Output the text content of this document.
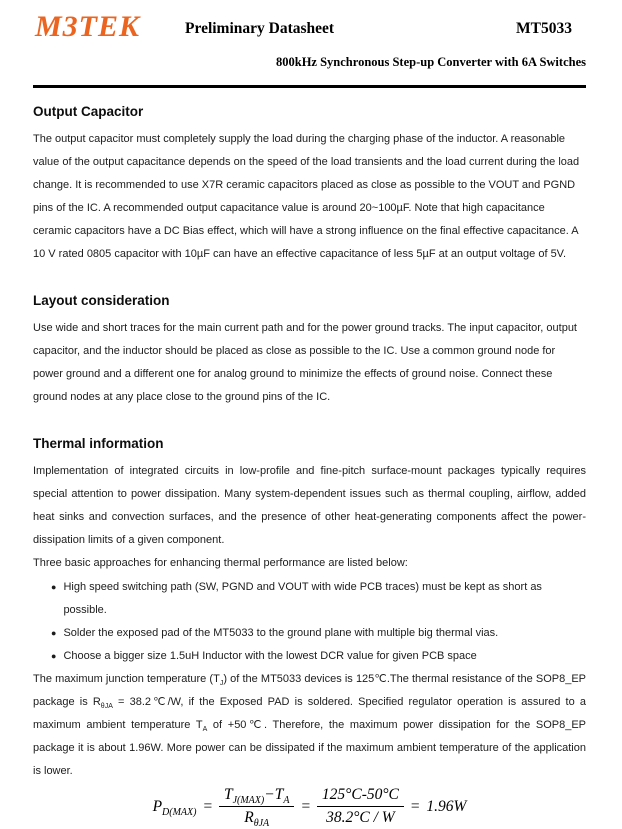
M3TEK	Preliminary Datasheet	MT5033
800kHz Synchronous Step-up Converter with 6A Switches
Output Capacitor

The output capacitor must completely supply the load during the charging phase of the inductor. A reasonable value of the output capacitance depends on the speed of the load transients and the load current during the load change. It is recommended to use X7R ceramic capacitors placed as close as possible to the VOUT and PGND pins of the IC. A recommended output capacitance value is around 20~100µF. Note that high capacitance ceramic capacitors have a DC Bias effect, which will have a strong influence on the final effective capacitance. A 10 V rated 0805 capacitor with 10µF can have an effective capacitance of less 5µF at an output voltage of 5V.

Layout consideration

Use wide and short traces for the main current path and for the power ground tracks. The input capacitor, output capacitor, and the inductor should be placed as close as possible to the IC. Use a common ground node for power ground and a different one for analog ground to minimize the effects of ground noise. Connect these ground nodes at any place close to the ground pins of the IC.

Thermal information

Implementation of integrated circuits in low-profile and fine-pitch surface-mount packages typically requires special attention to power dissipation. Many system-dependent issues such as thermal coupling, airflow, added heat sinks and convection surfaces, and the presence of other heat-generating components affect the power-dissipation limits of a given component.

Three basic approaches for enhancing thermal performance are listed below:

● High speed switching path (SW, PGND and VOUT with wide PCB traces) must be kept as short as possible.
● Solder the exposed pad of the MT5033 to the ground plane with multiple big thermal vias.
● Choose a bigger size 1.5uH Inductor with the lowest DCR value for given PCB space

The maximum junction temperature $(T_J)$ of the MT5033 devices is 125℃.The thermal resistance of the SOP8_EP package is $R_{\theta JA}$ = 38.2℃/W, if the Exposed PAD is soldered. Specified regulator operation is assured to a maximum ambient temperature $T_A$ of +50℃. Therefore, the maximum power dissipation for the SOP8_EP package it is about 1.96W. More power can be dissipated if the maximum ambient temperature of the application is lower.

$P_{D(MAX)} = \frac{T_{J(MAX)}-T_A}{R_{\theta JA}} = \frac{125^\circ C-50^\circ C}{38.2^\circ C / W} = 1.96W$
